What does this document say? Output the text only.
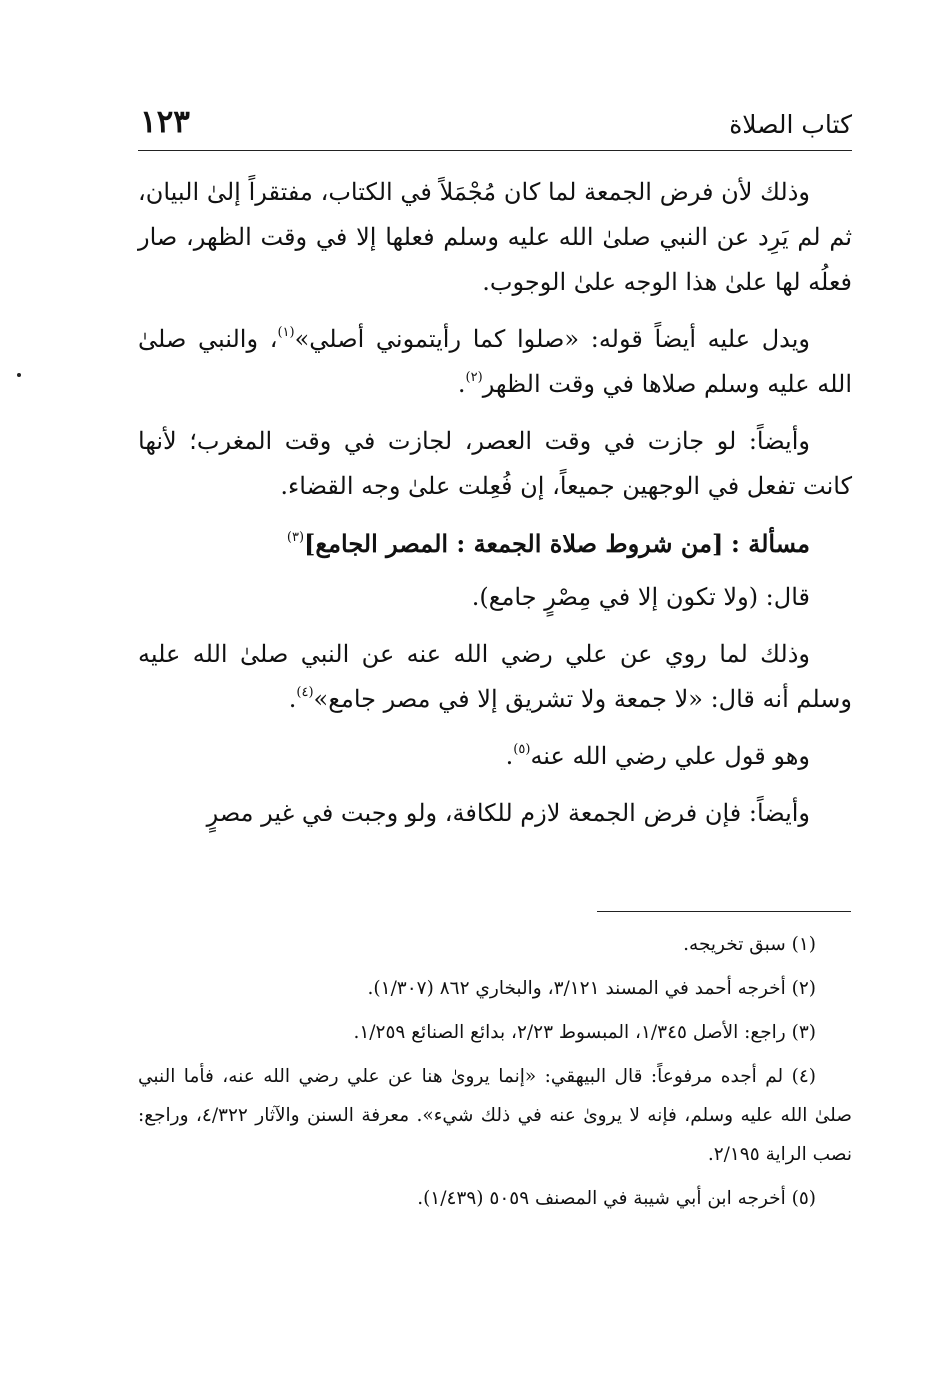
كتاب الصلاة
١٢٣

وذلك لأن فرض الجمعة لما كان مُجْمَلاً في الكتاب، مفتقراً إلىٰ البيان، ثم لم يَرِد عن النبي صلىٰ الله عليه وسلم فعلها إلا في وقت الظهر، صار فعلُه لها علىٰ هذا الوجه علىٰ الوجوب.

ويدل عليه أيضاً قوله: «صلوا كما رأيتموني أصلي»$^{(١)}$، والنبي صلىٰ الله عليه وسلم صلاها في وقت الظهر$^{(٢)}$.

وأيضاً: لو جازت في وقت العصر، لجازت في وقت المغرب؛ لأنها كانت تفعل في الوجهين جميعاً، إن فُعِلت علىٰ وجه القضاء.

مسألة : [من شروط صلاة الجمعة : المصر الجامع]$^{(٣)}$

قال: (ولا تكون إلا في مِصْرٍ جامع).

وذلك لما روي عن علي رضي الله عنه عن النبي صلىٰ الله عليه وسلم أنه قال: «لا جمعة ولا تشريق إلا في مصر جامع»$^{(٤)}$.

وهو قول علي رضي الله عنه$^{(٥)}$.

وأيضاً: فإن فرض الجمعة لازم للكافة، ولو وجبت في غير مصرٍ

(١) سبق تخريجه.

(٢) أخرجه أحمد في المسند ٣/١٢١، والبخاري ٨٦٢ (١/٣٠٧).

(٣) راجع: الأصل ١/٣٤٥، المبسوط ٢/٢٣، بدائع الصنائع ١/٢٥٩.

(٤) لم أجده مرفوعاً: قال البيهقي: «إنما يروىٰ هنا عن علي رضي الله عنه، فأما النبي صلىٰ الله عليه وسلم، فإنه لا يروىٰ عنه في ذلك شيء». معرفة السنن والآثار ٤/٣٢٢، وراجع: نصب الراية ٢/١٩٥.

(٥) أخرجه ابن أبي شيبة في المصنف ٥٠٥٩ (١/٤٣٩).
